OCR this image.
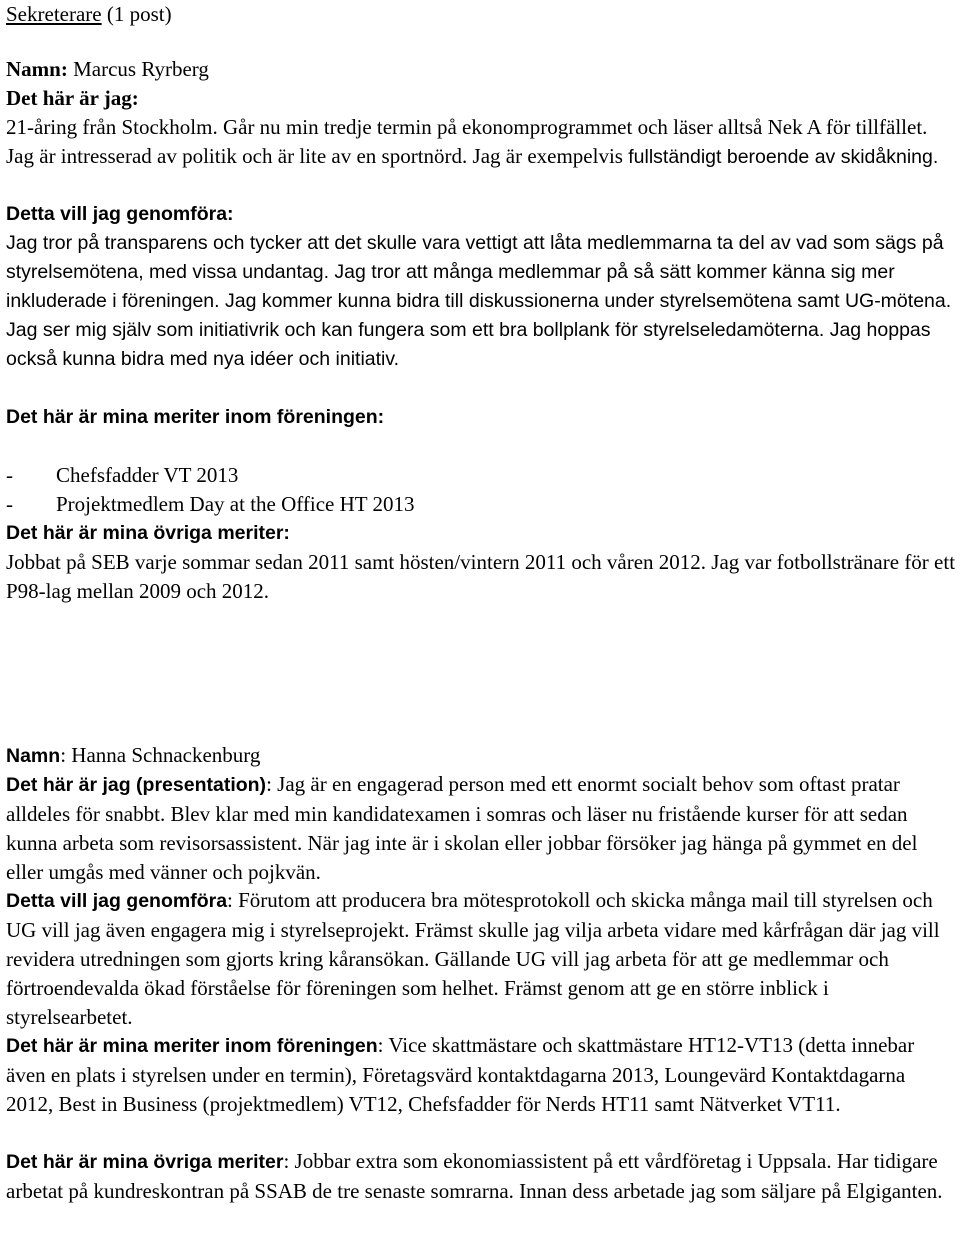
Sekreterare (1 post)

Namn: Marcus Ryrberg

Det här är jag:

21-åring från Stockholm. Går nu min tredje termin på ekonomprogrammet och läser alltså Nek A för tillfället. Jag är intresserad av politik och är lite av en sportnörd. Jag är exempelvis fullständigt beroende av skidåkning.

Detta vill jag genomföra:

Jag tror på transparens och tycker att det skulle vara vettigt att låta medlemmarna ta del av vad som sägs på styrelsemötena, med vissa undantag. Jag tror att många medlemmar på så sätt kommer känna sig mer inkluderade i föreningen. Jag kommer kunna bidra till diskussionerna under styrelsemötena samt UG-mötena. Jag ser mig själv som initiativrik och kan fungera som ett bra bollplank för styrelseledamöterna. Jag hoppas också kunna bidra med nya idéer och initiativ.

Det här är mina meriter inom föreningen:

- Chefsfadder VT 2013

- Projektmedlem Day at the Office HT 2013

Det här är mina övriga meriter:

Jobbat på SEB varje sommar sedan 2011 samt hösten/vintern 2011 och våren 2012. Jag var fotbollstränare för ett P98-lag mellan 2009 och 2012.

Namn: Hanna Schnackenburg

Det här är jag (presentation): Jag är en engagerad person med ett enormt socialt behov som oftast pratar alldeles för snabbt. Blev klar med min kandidatexamen i somras och läser nu fristående kurser för att sedan kunna arbeta som revisorsassistent. När jag inte är i skolan eller jobbar försöker jag hänga på gymmet en del eller umgås med vänner och pojkvän.

Detta vill jag genomföra: Förutom att producera bra mötesprotokoll och skicka många mail till styrelsen och UG vill jag även engagera mig i styrelseprojekt. Främst skulle jag vilja arbeta vidare med kårfrågan där jag vill revidera utredningen som gjorts kring kåransökan. Gällande UG vill jag arbeta för att ge medlemmar och förtroendevalda ökad förståelse för föreningen som helhet. Främst genom att ge en större inblick i styrelsearbetet.

Det här är mina meriter inom föreningen: Vice skattmästare och skattmästare HT12-VT13 (detta innebar även en plats i styrelsen under en termin), Företagsvärd kontaktdagarna 2013, Loungevärd Kontaktdagarna 2012, Best in Business (projektmedlem) VT12, Chefsfadder för Nerds HT11 samt Nätverket VT11.

Det här är mina övriga meriter: Jobbar extra som ekonomiassistent på ett vårdföretag i Uppsala. Har tidigare arbetat på kundreskontran på SSAB de tre senaste somrarna. Innan dess arbetade jag som säljare på Elgiganten.
